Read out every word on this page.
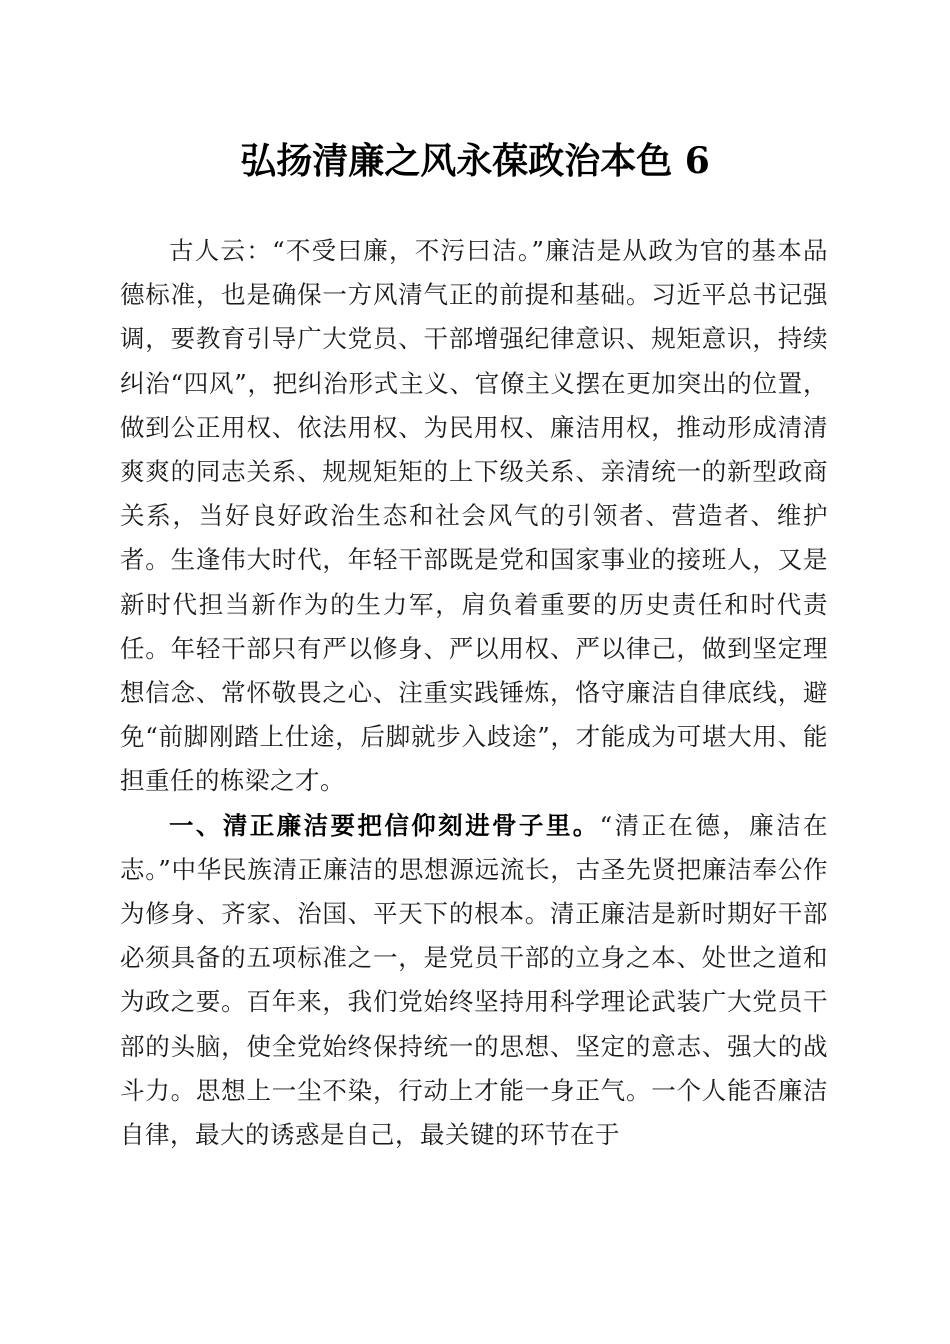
弘扬清廉之风永葆政治本色 6

古人云：“不受曰廉，不污曰洁。”廉洁是从政为官的基本品德标准，也是确保一方风清气正的前提和基础。习近平总书记强调，要教育引导广大党员、干部增强纪律意识、规矩意识，持续纠治“四风”，把纠治形式主义、官僚主义摆在更加突出的位置，做到公正用权、依法用权、为民用权、廉洁用权，推动形成清清爽爽的同志关系、规规矩矩的上下级关系、亲清统一的新型政商关系，当好良好政治生态和社会风气的引领者、营造者、维护者。生逢伟大时代，年轻干部既是党和国家事业的接班人，又是新时代担当新作为的生力军，肩负着重要的历史责任和时代责任。年轻干部只有严以修身、严以用权、严以律己，做到坚定理想信念、常怀敬畏之心、注重实践锤炼，恪守廉洁自律底线，避免“前脚刚踏上仕途，后脚就步入歧途”，才能成为可堪大用、能担重任的栋梁之才。

一、清正廉洁要把信仰刻进骨子里。“清正在德，廉洁在志。”中华民族清正廉洁的思想源远流长，古圣先贤把廉洁奉公作为修身、齐家、治国、平天下的根本。清正廉洁是新时期好干部必须具备的五项标准之一，是党员干部的立身之本、处世之道和为政之要。百年来，我们党始终坚持用科学理论武装广大党员干部的头脑，使全党始终保持统一的思想、坚定的意志、强大的战斗力。思想上一尘不染，行动上才能一身正气。一个人能否廉洁自律，最大的诱惑是自己，最关键的环节在于
